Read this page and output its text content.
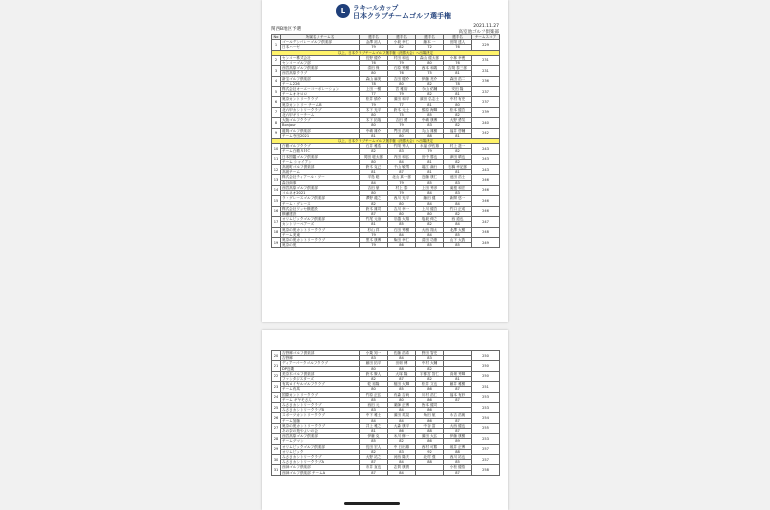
L	ラキールカップ
日本クラブチームゴルフ選手権
関西B地区予選
2021.11.27
高室池ゴルフ倶楽部
No	所属名 / チーム名	選手名	選手名	選手名	選手名	チームスコア
1	ゴールデンバレーゴルフ倶楽部	金澤 裕人	小坂 幸仁	藤本 一	田岡 達人	229
	日本ハーゼ	79	82	72	76	
以上、日本クラブチームゴルフ選手権（決勝大会）へ出場決定						
2	センコー株式会社	長野 健介	村田 和也	森山 健太郎	小林 幸俊	231
	センコーゴルフ部	76	79	80	76	
3	西宮高原ゴルフ倶楽部	清田 保	石原 秀樹	西本 和義	吉岡 泰三郎	231
	西宮高原クラブ	80	76	75	81	
4	新宝ゴルフ倶楽部	森山 麻美	吉田 健介	伊藤 亮介	森田 浩二	236
	チーム226	78	80	82	78	
5	株式会社オーエーコーポレーション	上田 一樹	宮 雅裕	今山 佑輔	安田 隆	237
	チームオキロロ	77	79	82	81	
6	奥奈カントリークラブ	松井 慎介	濱田 和平	濱田 弘志士	中村 有史	237
	奥奈カントリー チームB	79	77	81	80	
7	北六甲カントリークラブ	木下 光平	鈴木 元士	熊原 海輝	松本 健吾	239
	北六甲ギリーチーム	80	75	85	82	
8	大阪ゴルフクラブ	木下 拓哉	吉田 勇	中嶋 康博	大野 勇気	240
	Bonjour	80	79	83	82	
9	龍岡ゴルフ倶楽部	中嶋 雄介	門田 浩明	丸山 雄樹	福井 啓輔	242
	チーム寺田2021	81	80	88	81	
以上、日本クラブチームゴルフ選手権（決勝大会）へ出場決定						
10	白鶴ゴルフクラブ	石井 雅浩	竹岡 秀人	永福 伊佐雄	村上 滋一	243
	チーム白鶴ＳＨＣ	82	83	79	82	
11	日本図鑑ゴルフ倶楽部	岡田 聡太郎	内田 和弘	田中 勝也	津田 晴也	243
	チーム シャイアン	80	84	81	82	
12	高坂町ゴルフ倶楽部	鈴木 克己	千山 敏男	堀江 満行	石橋 幸記郎	243
	高坂チーム	81	87	81	81	
13	株式会社ティアール・ツー	平島 聡	北山 真一郎	近藤 康仁	池田 浩士	246
	森谷商事	84	79	85	83	
14	西宮高原ゴルフ倶楽部	吉田 豪	村上 泰	上田 秀彦	滝根 和宏	246
	コルネオ2021	80	79	84	83	
15	ラ・グレースゴルフ倶楽部	澤野 龍之	西川 光平	藤田 健	新開 悠一	246
	チーム・グレース	82	80	84	84	
16	株式会社ワッセ横建設	鈴木 雄司	吉川 幸一	上川 健吾	竹口 正成	246
	横瀬建設	87	80	80	82	
17	オリムピックゴルフ倶楽部	竹尾 元治	宗越 大翔	塩坂 伸之	西 道也	247
	カントリーベアーズ	81	85	82	84	
18	奥奈の苑カントリークラブ	杉山 祥	石田 秀樹	大西 翔太	北澤 大樹	248
	チーム美東	79	84	84	85	
19	奥奈の苑カントリークラブ	黒木 康博	柴田 幸仁	清田 功康	山下 大我	249
	奥奈の苑	79	86	85	85	
20	吉野郷ゴルフ倶楽部	小栗 知一	佐藤 浩希	野田 智史		250
	吉野郷	83	84	83		
21	ディアーパークゴルフクラブ	藤田 拓平	田畑 博	中村 大輔		250
	DP近畿	80	88	82		
22	美奈木ゴルフ倶楽部	鈴木 賢人	大塚 隆	宇都宮 智仁	高畑 秀輝	250
	ファンタジスターズ	82	87	82	81	
23	有馬ロイヤルゴルフクラブ	乾 裕隆	植田 大輝	松井 文也	藤井 雅樹	251
	チーム有馬	80	85	86	87	
24	国際カントリークラブ	竹原 正弘	有森 吉尚	川村 浩仁	福本 有紗	253
	チーム ギヤモさん	85	80	86	87	
25	みささカントリークラブ	西田 元	薬師 正博	皆本 健司		253
	みささカントリークラブB	83	84	86		
26	スポーツカントリークラブ	中下 雅士	濱田 英晃	角田 航	永吉 浩朗	254
	チーム加藤	84	84	86	87	
27	奥奈の苑カントリークラブ	井上 雅之	大森 康平	中谷 富	大西 健也	255
	あの奈の苑やよいの会	81	86	88	87	
28	西宮高原ゴルフ倶楽部	伊藤 克	米川 修一	濱田 大弘	伊藤 康樹	253
	チームグマン	85	82	86	89	
29	オリムピックゴルフ倶楽部	長田 宏人	中 日出雄	西村 可勝	坂井 正博	257
	オリムピック	82	83	92	88	
30	みささカントリークラブ	大野 祐之	河西 隆夫	北村 強	西川 祐也	257
	みささカントリークラブA	87	84	88	85	
31	西神ゴルフ倶楽部	市井 直也	志賀 康貴		小松 健悟	258
	西神ゴルフ倶楽部 チームA	87	84		87	
